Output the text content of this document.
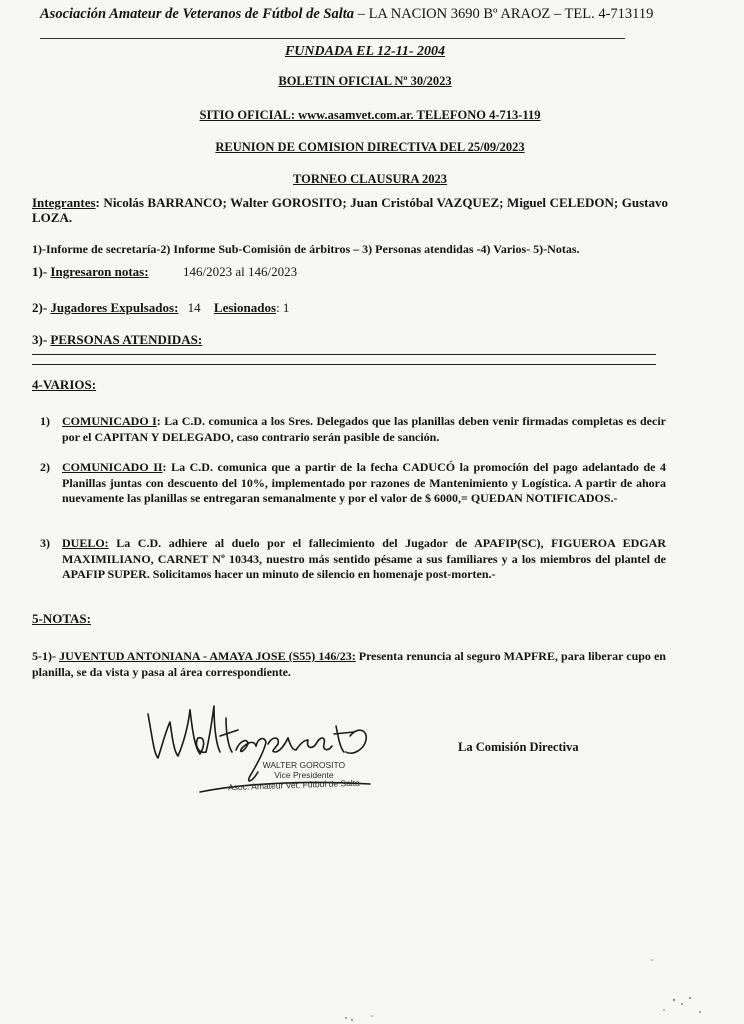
Asociación Amateur de Veteranos de Fútbol de Salta – LA NACION 3690 Bº ARAOZ – TEL. 4-713119
FUNDADA EL 12-11- 2004
BOLETIN OFICIAL Nº 30/2023
SITIO OFICIAL: www.asamvet.com.ar. TELEFONO 4-713-119
REUNION DE COMISION DIRECTIVA DEL 25/09/2023
TORNEO CLAUSURA 2023
Integrantes: Nicolás BARRANCO; Walter GOROSITO; Juan Cristóbal VAZQUEZ; Miguel CELEDON; Gustavo LOZA.
1)-Informe de secretaría-2) Informe Sub-Comisión de árbitros – 3) Personas atendidas -4) Varios- 5)-Notas.
1)- Ingresaron notas:	146/2023 al 146/2023
2)- Jugadores Expulsados: 14 Lesionados: 1
3)- PERSONAS ATENDIDAS:
4-VARIOS:
1)	COMUNICADO I: La C.D. comunica a los Sres. Delegados que las planillas deben venir firmadas completas es decir por el CAPITAN Y DELEGADO, caso contrario serán pasible de sanción.
2)	COMUNICADO II: La C.D. comunica que a partir de la fecha CADUCÓ la promoción del pago adelantado de 4 Planillas juntas con descuento del 10%, implementado por razones de Mantenimiento y Logística. A partir de ahora nuevamente las planillas se entregaran semanalmente y por el valor de $ 6000,= QUEDAN NOTIFICADOS.-
3)	DUELO: La C.D. adhiere al duelo por el fallecimiento del Jugador de APAFIP(SC), FIGUEROA EDGAR MAXIMILIANO, CARNET Nº 10343, nuestro más sentido pésame a sus familiares y a los miembros del plantel de APAFIP SUPER. Solicitamos hacer un minuto de silencio en homenaje post-morten.-
5-NOTAS:
5-1)- JUVENTUD ANTONIANA - AMAYA JOSE (S55) 146/23: Presenta renuncia al seguro MAPFRE, para liberar cupo en planilla, se da vista y pasa al área correspondiente.
WALTER GOROSITO
Vice Presidente
Asoc. Amateur Vet. Fútbol de Salta
La Comisión Directiva
